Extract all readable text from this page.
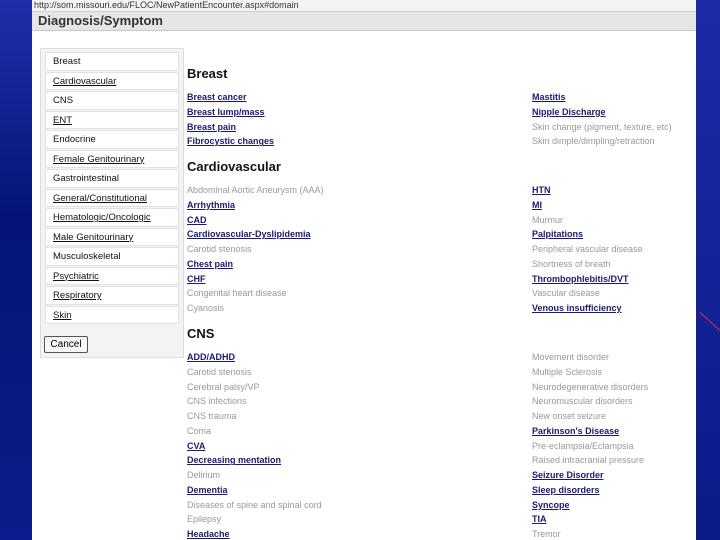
http://som.missouri.edu/FLOC/NewPatientEncounter.aspx#domain
Diagnosis/Symptom
Breast
Cardiovascular
CNS
ENT
Endocrine
Female Genitourinary
Gastrointestinal
General/Constitutional
Hematologic/Oncologic
Male Genitourinary
Musculoskeletal
Psychiatric
Respiratory
Skin
Cancel
Breast
Breast cancer
Breast lump/mass
Breast pain
Fibrocystic changes
Mastitis
Nipple Discharge
Skin change (pigment, texture, etc)
Skin dimple/dimpling/retraction
Cardiovascular
Abdominal Aortic Aneurysm (AAA)
Arrhythmia
CAD
Cardiovascular-Dyslipidemia
Carotid stenosis
Chest pain
CHF
Congenital heart disease
Cyanosis
HTN
MI
Murmur
Palpitations
Peripheral vascular disease
Shortness of breath
Thrombophlebitis/DVT
Vascular disease
Venous insufficiency
CNS
ADD/ADHD
Carotid stenosis
Cerebral palsy/VP
CNS infections
CNS trauma
Coma
CVA
Decreasing mentation
Delirium
Dementia
Diseases of spine and spinal cord
Epilepsy
Headache
Movement disorder
Multiple Sclerosis
Neurodegenerative disorders
Neuromuscular disorders
New onset seizure
Parkinson's Disease
Pre-eclampsia/Eclampsia
Raised intracranial pressure
Seizure Disorder
Sleep disorders
Syncope
TIA
Tremor
